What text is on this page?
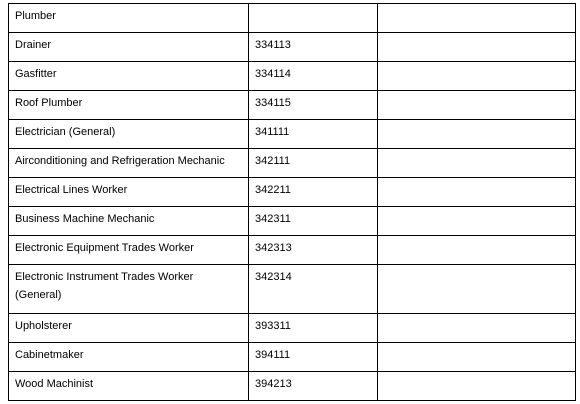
Plumber		
Drainer	334113	
Gasfitter	334114	
Roof Plumber	334115	
Electrician (General)	341111	
Airconditioning and Refrigeration Mechanic	342111	
Electrical Lines Worker	342211	
Business Machine Mechanic	342311	
Electronic Equipment Trades Worker	342313	
Electronic Instrument Trades Worker (General)	342314	
Upholsterer	393311	
Cabinetmaker	394111	
Wood Machinist	394213	
